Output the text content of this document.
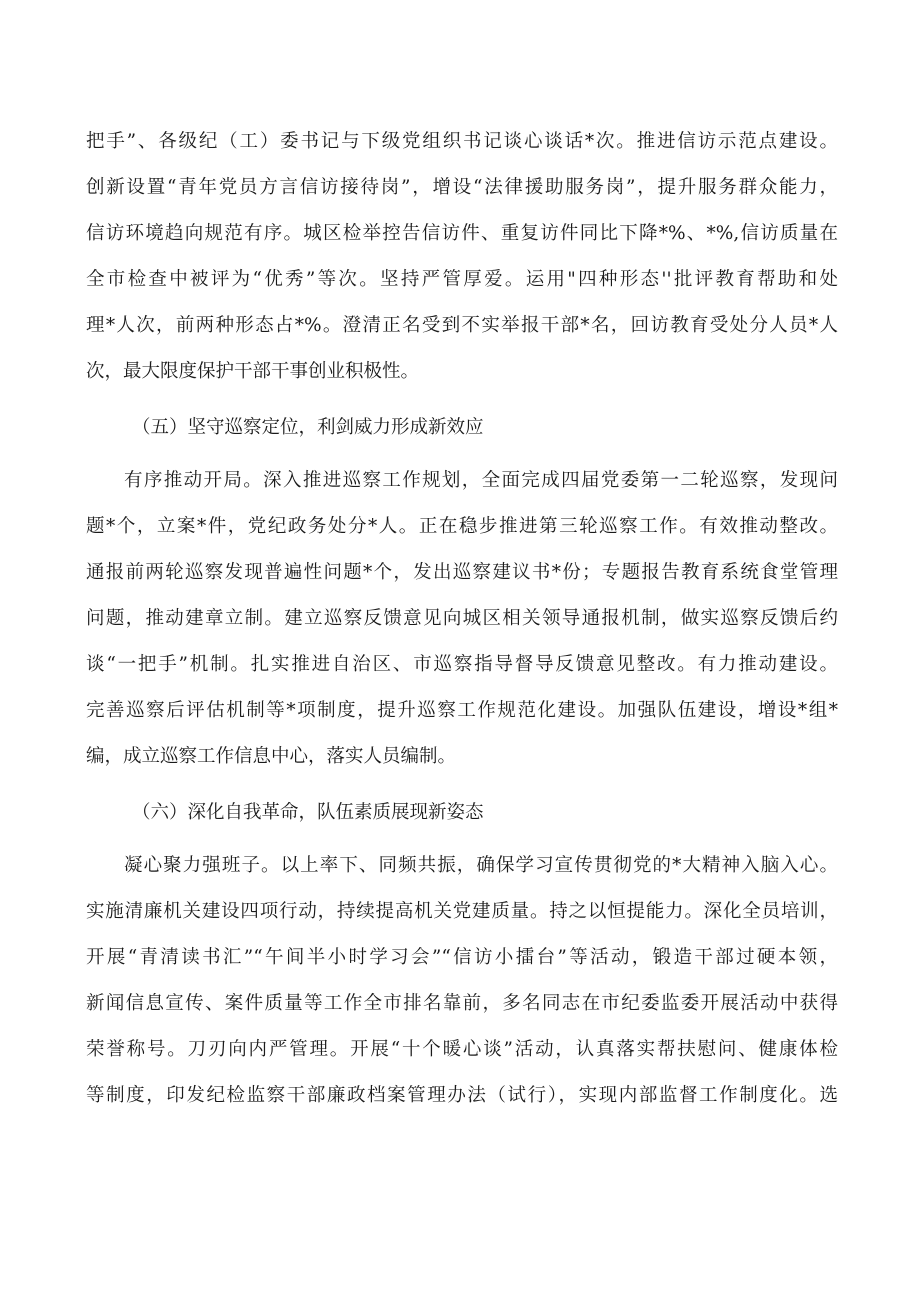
把手”、各级纪（工）委书记与下级党组织书记谈心谈话*次。推进信访示范点建设。
创新设置“青年党员方言信访接待岗”，增设“法律援助服务岗”，提升服务群众能力，
信访环境趋向规范有序。城区检举控告信访件、重复访件同比下降*%、*%,信访质量在
全市检查中被评为“优秀”等次。坚持严管厚爱。运用"四种形态''批评教育帮助和处
理*人次，前两种形态占*%。澄清正名受到不实举报干部*名，回访教育受处分人员*人
次，最大限度保护干部干事创业积极性。
（五）坚守巡察定位，利剑威力形成新效应
有序推动开局。深入推进巡察工作规划，全面完成四届党委第一二轮巡察，发现问
题*个，立案*件，党纪政务处分*人。正在稳步推进第三轮巡察工作。有效推动整改。
通报前两轮巡察发现普遍性问题*个，发出巡察建议书*份；专题报告教育系统食堂管理
问题，推动建章立制。建立巡察反馈意见向城区相关领导通报机制，做实巡察反馈后约
谈“一把手”机制。扎实推进自治区、市巡察指导督导反馈意见整改。有力推动建设。
完善巡察后评估机制等*项制度，提升巡察工作规范化建设。加强队伍建设，增设*组*
编，成立巡察工作信息中心，落实人员编制。
（六）深化自我革命，队伍素质展现新姿态
凝心聚力强班子。以上率下、同频共振，确保学习宣传贯彻党的*大精神入脑入心。
实施清廉机关建设四项行动，持续提高机关党建质量。持之以恒提能力。深化全员培训，
开展“青清读书汇”“午间半小时学习会”“信访小擂台”等活动，锻造干部过硬本领，
新闻信息宣传、案件质量等工作全市排名靠前，多名同志在市纪委监委开展活动中获得
荣誉称号。刀刃向内严管理。开展“十个暖心谈”活动，认真落实帮扶慰问、健康体检
等制度，印发纪检监察干部廉政档案管理办法（试行），实现内部监督工作制度化。选
